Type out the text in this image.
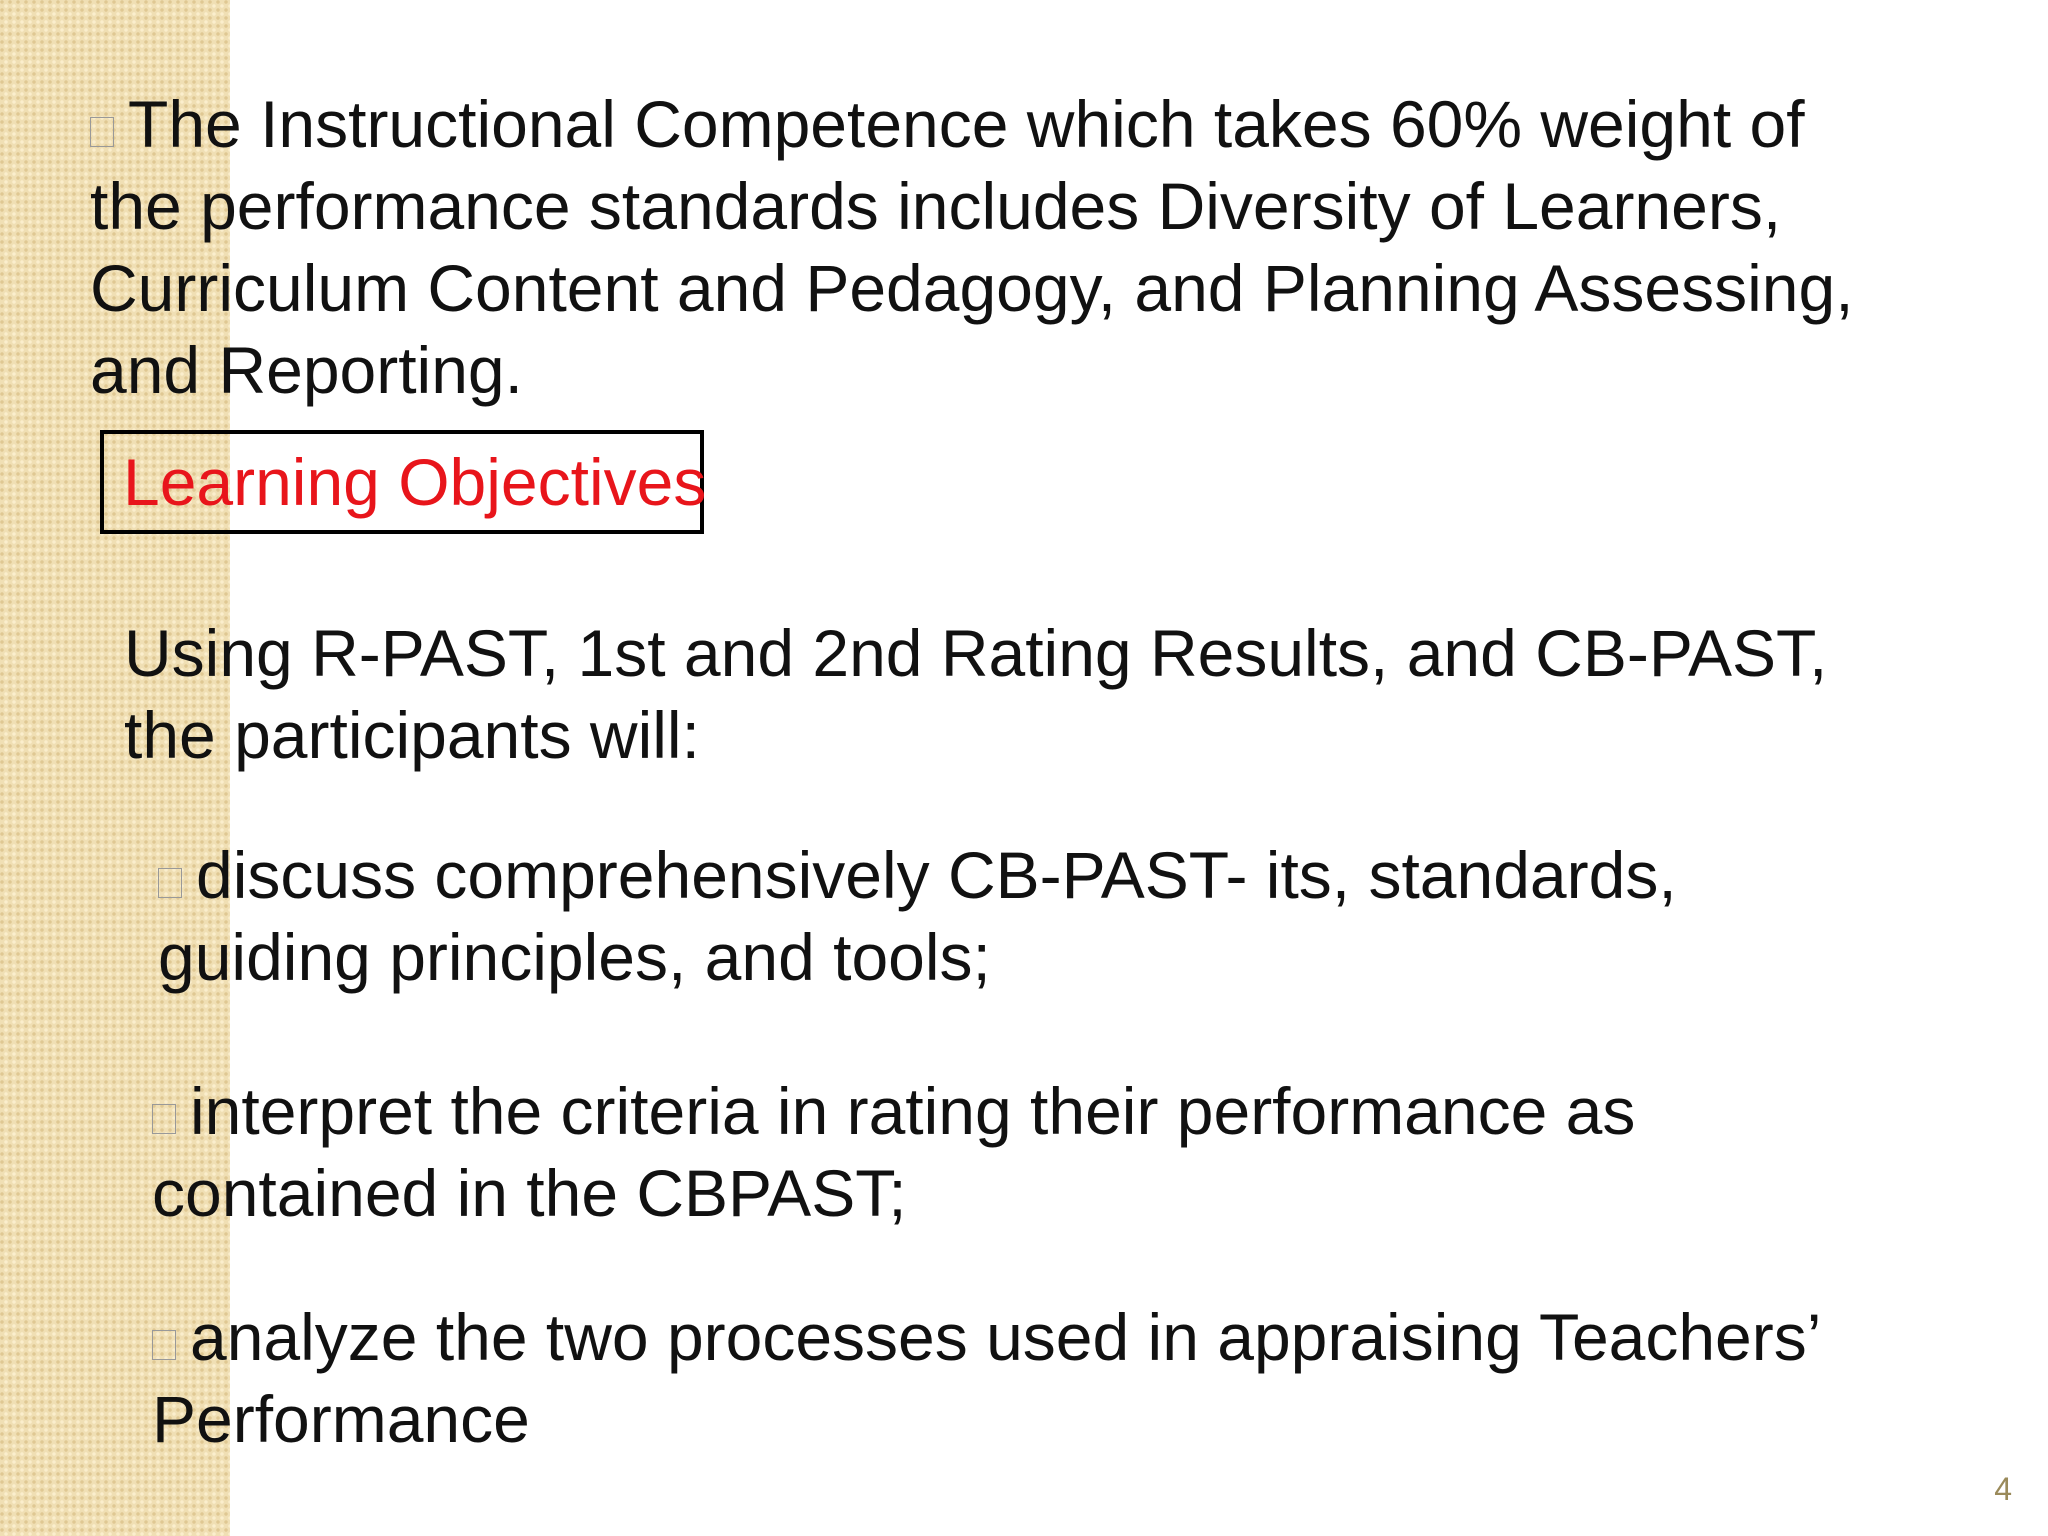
The Instructional Competence which takes 60% weight of
the performance standards includes Diversity of Learners,
Curriculum Content and Pedagogy, and Planning Assessing,
and Reporting.
Learning Objectives
Using R-PAST, 1st and 2nd Rating Results, and CB-PAST,
the participants will:
discuss comprehensively CB-PAST- its, standards,
guiding principles, and tools;
interpret the criteria in rating their performance as
contained in the CBPAST;
analyze the two processes used in appraising Teachers’
Performance
4
